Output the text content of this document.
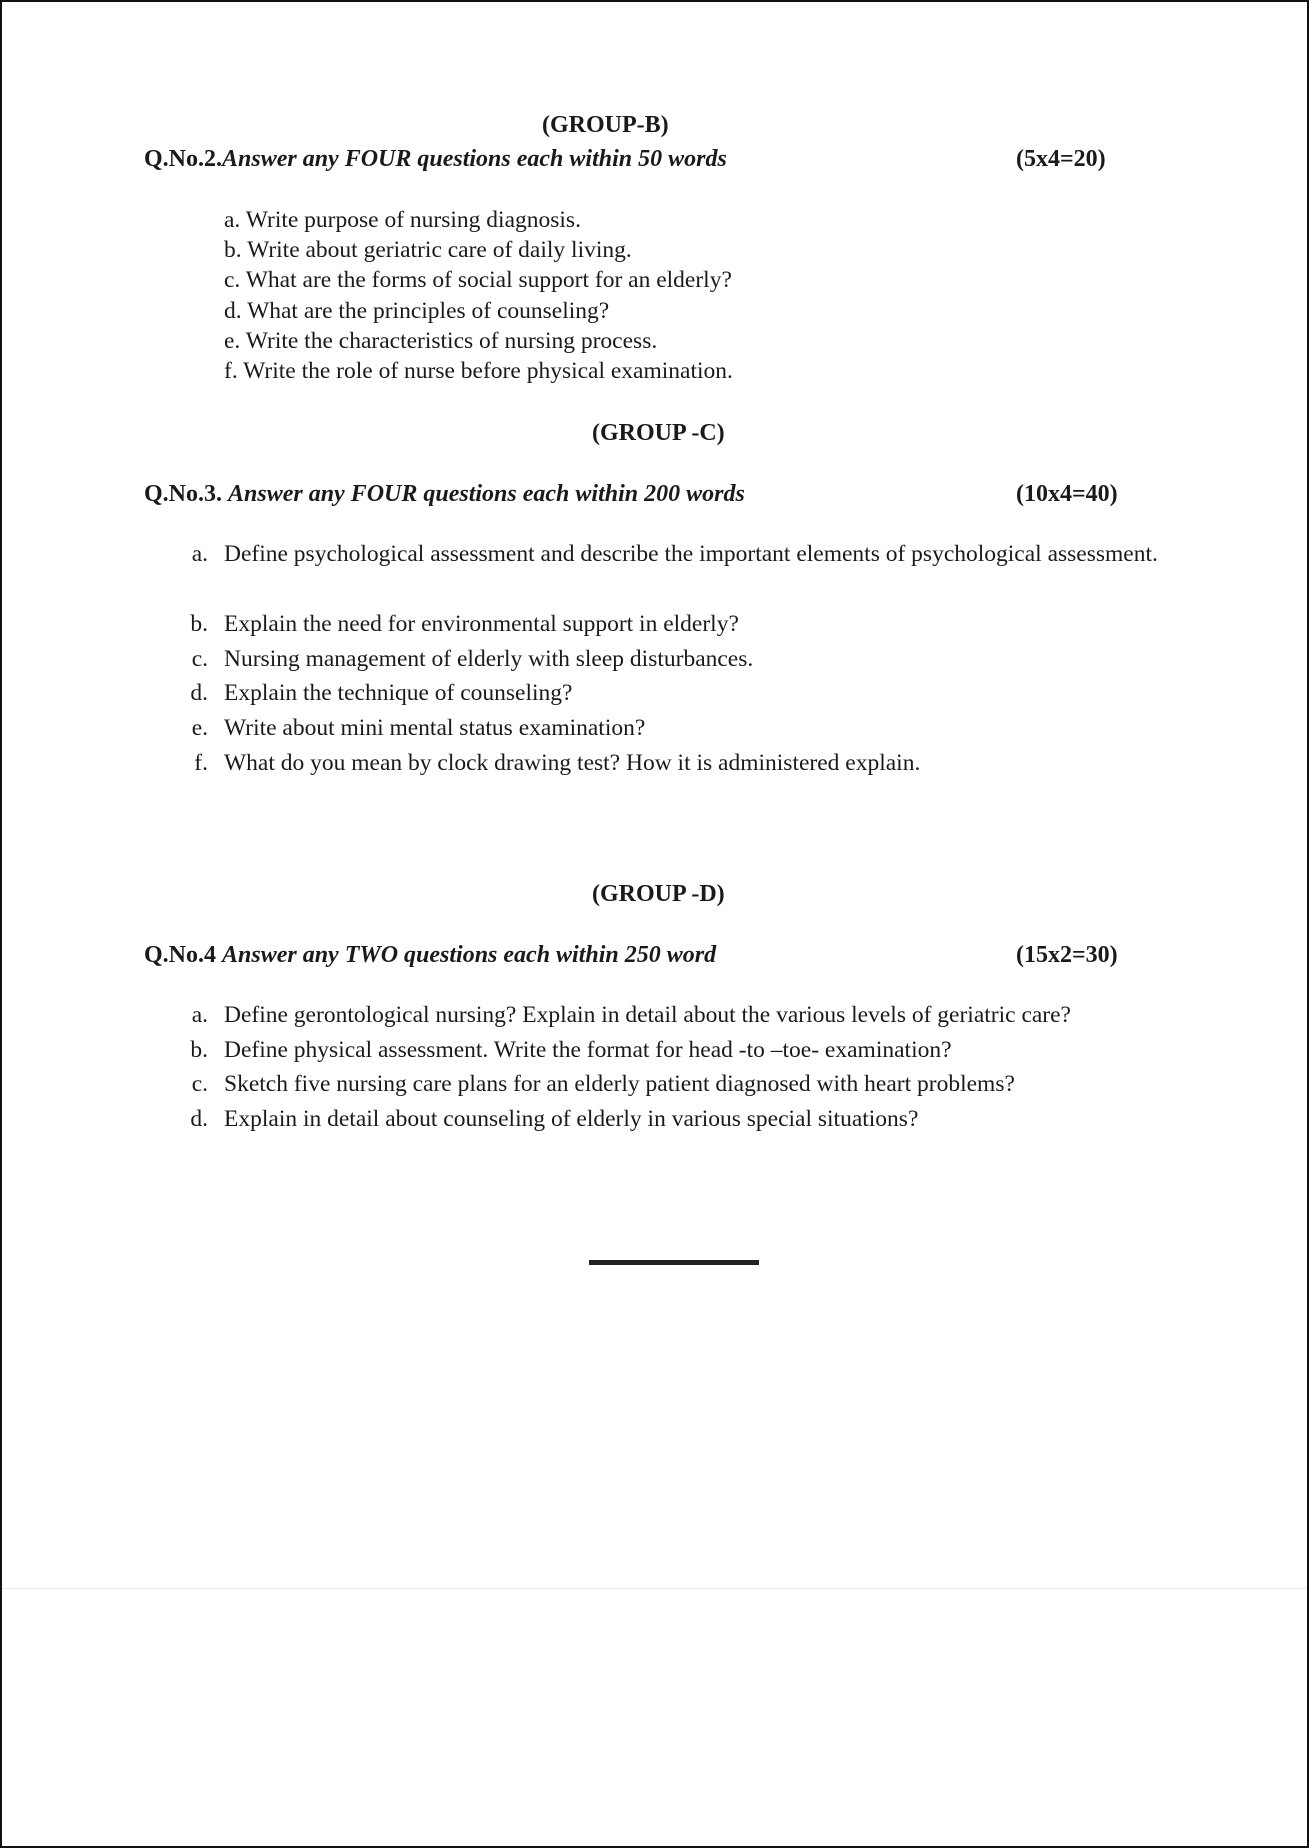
(GROUP-B)
Q.No.2.Answer any FOUR questions each within 50 words	(5x4=20)
a. Write purpose of nursing diagnosis.
b. Write about geriatric care of daily living.
c. What are the forms of social support for an elderly?
d. What are the principles of counseling?
e. Write the characteristics of nursing process.
f. Write the role of nurse before physical examination.
(GROUP -C)
Q.No.3. Answer any FOUR questions each within 200 words	(10x4=40)
a. Define psychological assessment and describe the important elements of psychological assessment.
b. Explain the need for environmental support in elderly?
c. Nursing management of elderly with sleep disturbances.
d. Explain the technique of counseling?
e. Write about mini mental status examination?
f. What do you mean by clock drawing test? How it is administered explain.
(GROUP -D)
Q.No.4 Answer any TWO questions each within 250 word	(15x2=30)
a. Define gerontological nursing? Explain in detail about the various levels of geriatric care?
b. Define physical assessment. Write the format for head -to –toe- examination?
c. Sketch five nursing care plans for an elderly patient diagnosed with heart problems?
d. Explain in detail about counseling of elderly in various special situations?
